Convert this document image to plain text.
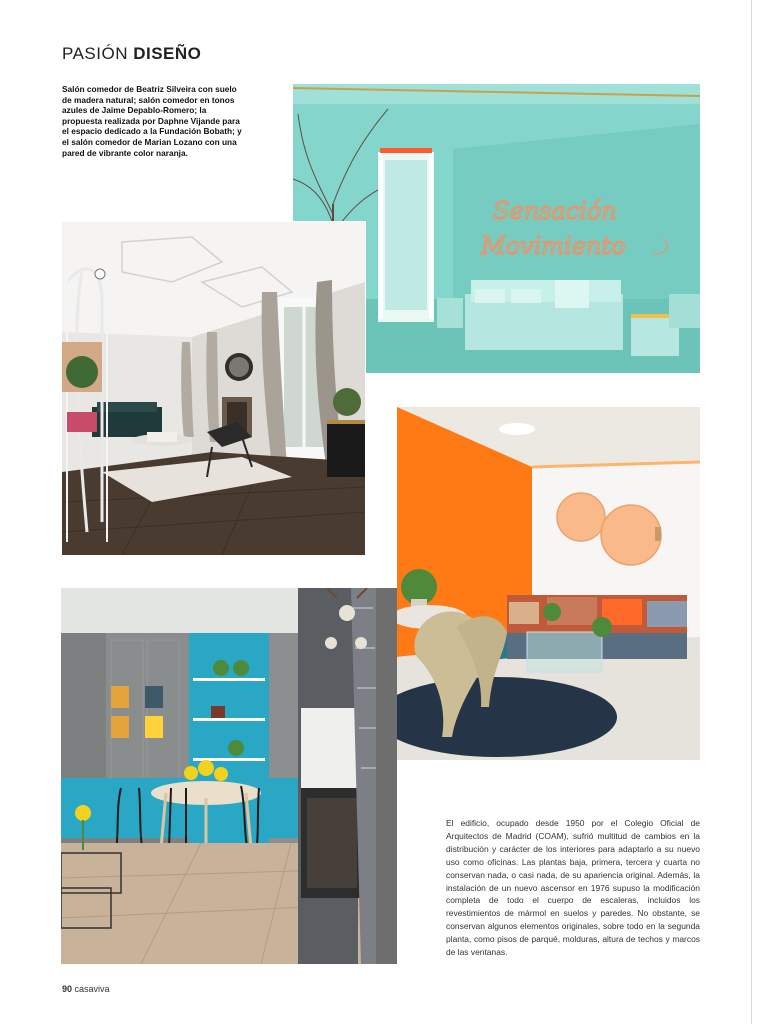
PASIÓN DISEÑO
Salón comedor de Beatriz Silveira con suelo de madera natural; salón comedor en tonos azules de Jaime Depablo-Romero; la propuesta realizada por Daphne Vijande para el espacio dedicado a la Fundación Bobath; y el salón comedor de Marian Lozano con una pared de vibrante color naranja.
Sensación
Movimiento
El edificio, ocupado desde 1950 por el Colegio Oficial de Arquitectos de Madrid (COAM), sufrió multitud de cambios en la distribución y carácter de los interiores para adaptarlo a su nuevo uso como oficinas. Las plantas baja, primera, tercera y cuarta no conservan nada, o casi nada, de su apariencia original. Además, la instalación de un nuevo ascensor en 1976 supuso la modificación completa de todo el cuerpo de escaleras, incluidos los revestimientos de mármol en suelos y paredes. No obstante, se conservan algunos elementos originales, sobre todo en la segunda planta, como pisos de parqué, molduras, altura de techos y marcos de las ventanas.
90 casaviva
